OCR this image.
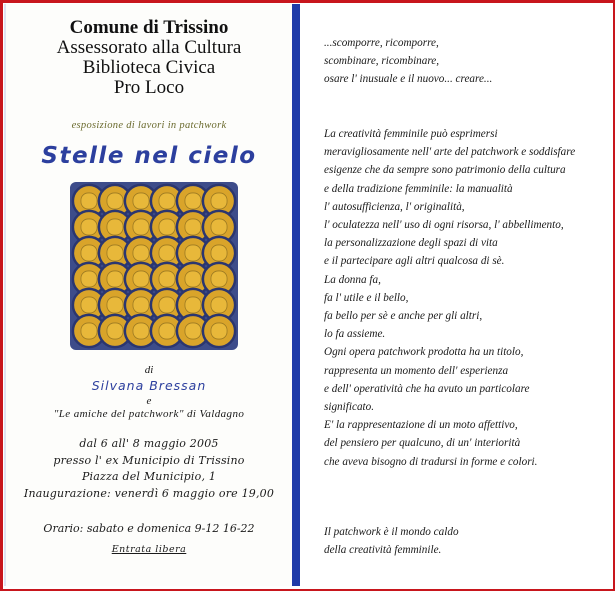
Comune di Trissino
Assessorato alla Cultura
Biblioteca Civica
Pro Loco
esposizione di lavori in patchwork
Stelle nel cielo
di
Silvana Bressan
e
"Le amiche del patchwork" di Valdagno
dal 6 all' 8 maggio 2005
presso l' ex Municipio di Trissino
Piazza del Municipio, 1
Inaugurazione: venerdì 6 maggio ore 19,00
Orario: sabato e domenica 9-12 16-22
Entrata libera
...scomporre, ricomporre,
scombinare, ricombinare,
osare l' inusuale e il nuovo... creare...
La creatività femminile può esprimersi
meravigliosamente nell' arte del patchwork e soddisfare
esigenze che da sempre sono patrimonio della cultura
e della tradizione femminile: la manualità
l' autosufficienza, l' originalità,
l' oculatezza nell' uso di ogni risorsa, l' abbellimento,
la personalizzazione degli spazi di vita
e il partecipare agli altri qualcosa di sè.
La donna fa,
fa l' utile e il bello,
fa bello per sè e anche per gli altri,
lo fa assieme.
Ogni opera patchwork prodotta ha un titolo,
rappresenta un momento dell' esperienza
e dell' operatività che ha avuto un particolare
significato.
E' la rappresentazione di un moto affettivo,
del pensiero per qualcuno, di un' interiorità
che aveva bisogno di tradursi in forme e colori.
Il patchwork è il mondo caldo
della creatività femminile.
